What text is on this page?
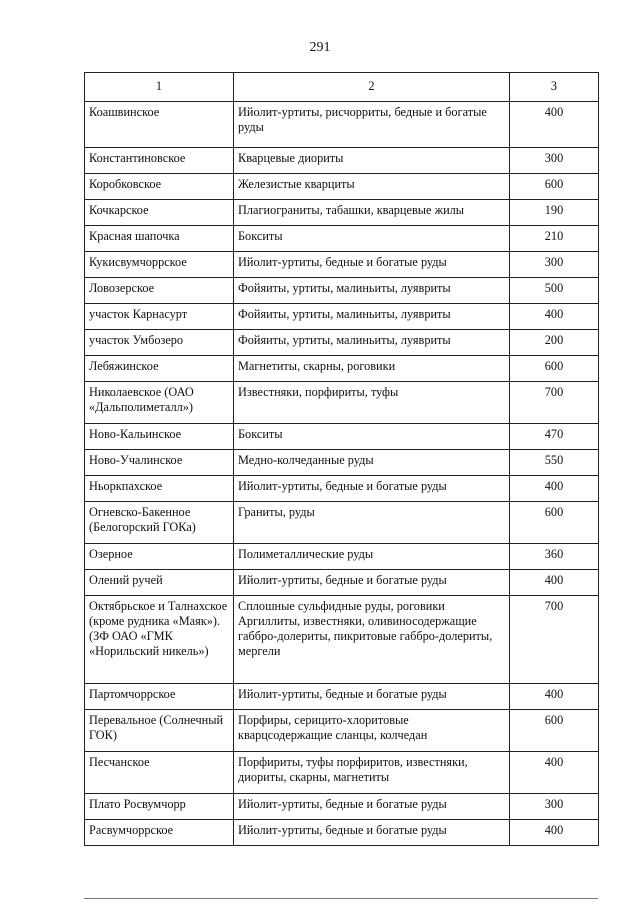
291
1	2	3
Коашвинское	Ийолит-уртиты, рисчорриты, бедные и богатые руды	400
Константиновское	Кварцевые диориты	300
Коробковское	Железистые кварциты	600
Кочкарское	Плагиограниты, табашки, кварцевые жилы	190
Красная шапочка	Бокситы	210
Кукисвумчоррское	Ийолит-уртиты, бедные и богатые руды	300
Ловозерское	Фойяиты, уртиты, малиньиты, луявриты	500
участок Карнасурт	Фойяиты, уртиты, малиньиты, луявриты	400
участок Умбозеро	Фойяиты, уртиты, малиньиты, луявриты	200
Лебяжинское	Магнетиты, скарны, роговики	600
Николаевское (ОАО «Дальполиметалл»)	Известняки, порфириты, туфы	700
Ново-Кальинское	Бокситы	470
Ново-Учалинское	Медно-колчеданные руды	550
Ньоркпахское	Ийолит-уртиты, бедные и богатые руды	400
Огневско-Бакенное (Белогорский ГОКа)	Граниты, руды	600
Озерное	Полиметаллические руды	360
Олений ручей	Ийолит-уртиты, бедные и богатые руды	400
Октябрьское и Талнахское (кроме рудника «Маяк»). (ЗФ ОАО «ГМК «Норильский никель»)	Сплошные сульфидные руды, роговики Аргиллиты, известняки, оливиносодержащие габбро-долериты, пикритовые габбро-долериты, мергели	700
Партомчоррское	Ийолит-уртиты, бедные и богатые руды	400
Перевальное (Солнечный ГОК)	Порфиры, серицито-хлоритовые кварцсодержащие сланцы, колчедан	600
Песчанское	Порфириты, туфы порфиритов, известняки, диориты, скарны, магнетиты	400
Плато Росвумчорр	Ийолит-уртиты, бедные и богатые руды	300
Расвумчоррское	Ийолит-уртиты, бедные и богатые руды	400
